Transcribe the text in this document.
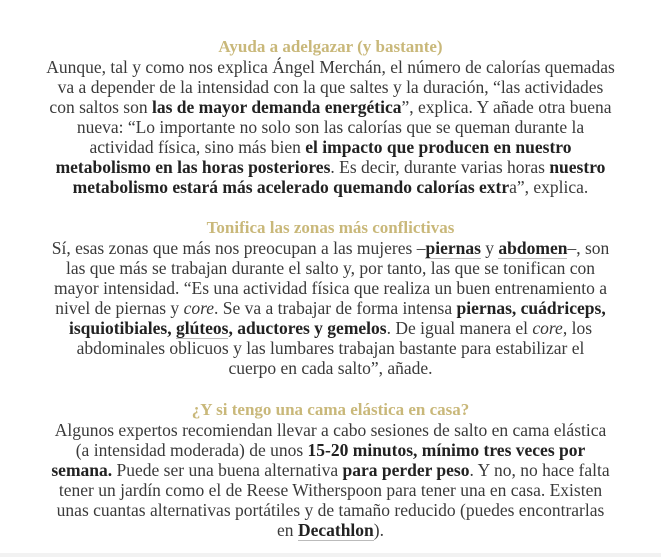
Ayuda a adelgazar (y bastante)
Aunque, tal y como nos explica Ángel Merchán, el número de calorías quemadas
va a depender de la intensidad con la que saltes y la duración, “las actividades
con saltos son las de mayor demanda energética”, explica. Y añade otra buena
nueva: “Lo importante no solo son las calorías que se queman durante la
actividad física, sino más bien el impacto que producen en nuestro
metabolismo en las horas posteriores. Es decir, durante varias horas nuestro
metabolismo estará más acelerado quemando calorías extra”, explica.
Tonifica las zonas más conflictivas
Sí, esas zonas que más nos preocupan a las mujeres –piernas y abdomen–, son
las que más se trabajan durante el salto y, por tanto, las que se tonifican con
mayor intensidad. “Es una actividad física que realiza un buen entrenamiento a
nivel de piernas y core. Se va a trabajar de forma intensa piernas, cuádriceps,
isquiotibiales, glúteos, aductores y gemelos. De igual manera el core, los
abdominales oblicuos y las lumbares trabajan bastante para estabilizar el
cuerpo en cada salto”, añade.
¿Y si tengo una cama elástica en casa?
Algunos expertos recomiendan llevar a cabo sesiones de salto en cama elástica
(a intensidad moderada) de unos 15-20 minutos, mínimo tres veces por
semana. Puede ser una buena alternativa para perder peso. Y no, no hace falta
tener un jardín como el de Reese Witherspoon para tener una en casa. Existen
unas cuantas alternativas portátiles y de tamaño reducido (puedes encontrarlas
en Decathlon).
